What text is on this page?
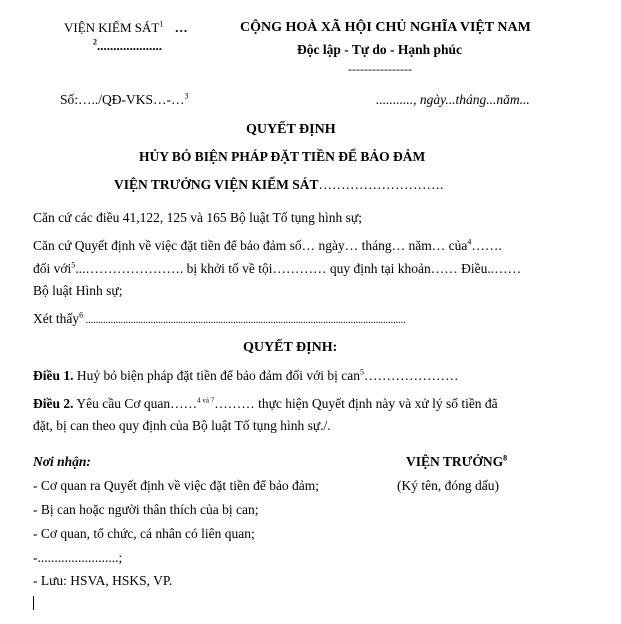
VIỆN KIỂM SÁT$^1$ …
$^2$....................
CỘNG HOÀ XÃ HỘI CHỦ NGHĨA VIỆT NAM
Độc lập - Tự do - Hạnh phúc
----------------
Số:…../QĐ-VKS…-…$^3$	..........., ngày...tháng...năm...
QUYẾT ĐỊNH
HỦY BỎ BIỆN PHÁP ĐẶT TIỀN ĐỂ BẢO ĐẢM
VIỆN TRƯỞNG VIỆN KIỂM SÁT……………………….
Căn cứ các điều 41,122, 125 và 165 Bộ luật Tố tụng hình sự;
Căn cứ Quyết định về việc đặt tiền để bảo đảm số… ngày… tháng… năm… của$^4$…….
đối với$^5$...…………………. bị khởi tố về tội………… quy định tại khoản…… Điều..……
Bộ luật Hình sự;
Xét thấy$^6$ ................................................................................................................................
QUYẾT ĐỊNH:
Điều 1. Huỷ bỏ biện pháp đặt tiền để bảo đảm đối với bị can$^5$…………………
Điều 2. Yêu cầu Cơ quan……$^{4 và 7}$……… thực hiện Quyết định này và xử lý số tiền đã
đặt, bị can theo quy định của Bộ luật Tố tụng hình sự./.
Nơi nhận:
- Cơ quan ra Quyết định về việc đặt tiền để bảo đảm;
- Bị can hoặc người thân thích của bị can;
- Cơ quan, tổ chức, cá nhân có liên quan;
-........................;
- Lưu: HSVA, HSKS, VP.
VIỆN TRƯỞNG$^8$
(Ký tên, đóng dấu)
